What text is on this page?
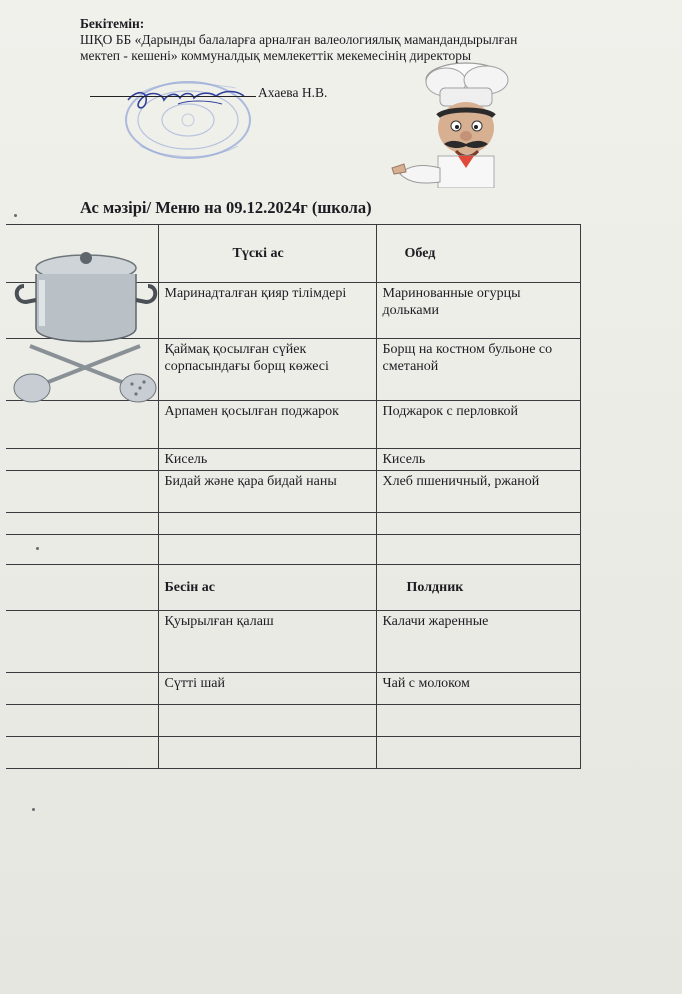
Бекітемін:
ШҚО ББ «Дарынды балаларға арналған валеологиялық мамандандырылған
мектеп - кешені» коммуналдық мемлекеттік мекемесінің директоры
Ахаева Н.В.
Ас мәзірі/ Меню на 09.12.2024г (школа)
	Түскі ас	Обед
	Маринадталған қияр тілімдері	Маринованные огурцы дольками
	Қаймақ қосылған сүйек сорпасындағы борщ көжесі	Борщ на костном бульоне со сметаной
	Арпамен қосылған поджарок	Поджарок с перловкой
	Кисель	Кисель
	Бидай және қара бидай наны	Хлеб пшеничный, ржаной

	Бесін ас	Полдник
	Қуырылған қалаш	Калачи жаренные
	Сүтті шай	Чай с молоком
